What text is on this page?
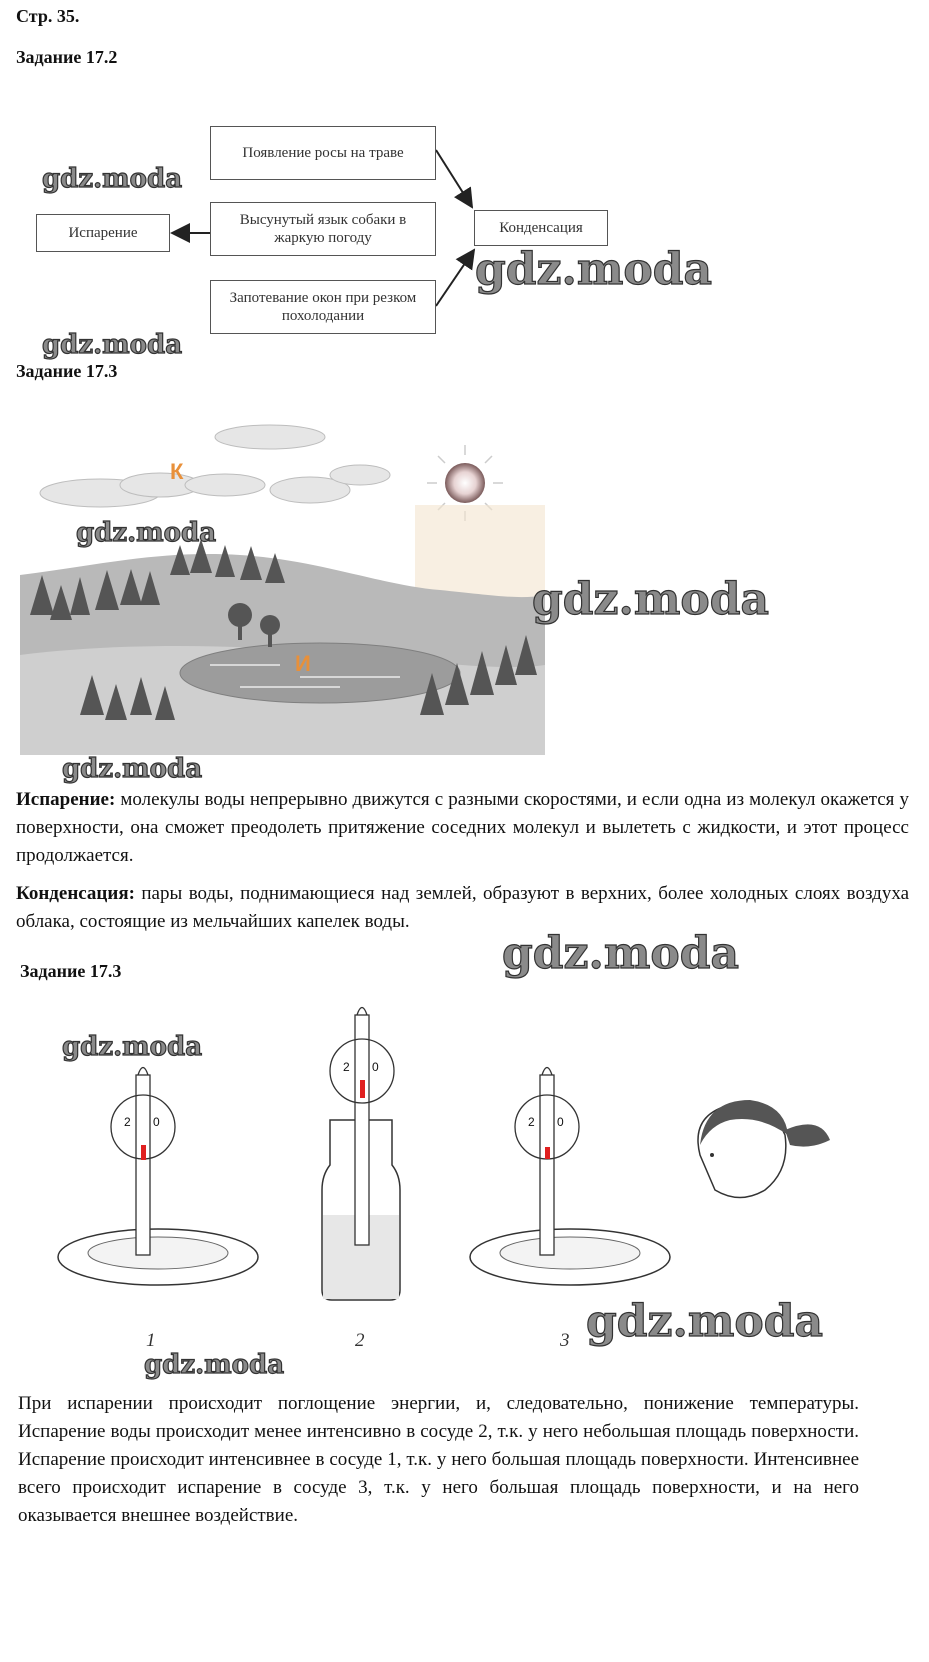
Стр. 35.
Задание 17.2
Испарение
Появление росы на траве
Высунутый язык собаки в жаркую погоду
Запотевание окон при резком похолодании
Конденсация
Задание 17.3
К
И
Испарение: молекулы воды непрерывно движутся с разными скоростями, и если одна из молекул окажется у поверхности, она сможет преодолеть притяжение соседних молекул и вылететь с жидкости, и этот процесс продолжается.
Конденсация: пары воды, поднимающиеся над землей, образуют в верхних, более холодных слоях воздуха облака, состоящие из мельчайших капелек воды.
Задание 17.3
2 0
2 0
2 0
1	2	3
При испарении происходит поглощение энергии, и, следовательно, понижение температуры. Испарение воды происходит менее интенсивно в сосуде 2, т.к. у него небольшая площадь поверхности. Испарение происходит интенсивнее в сосуде 1, т.к. у него большая площадь поверхности. Интенсивнее всего происходит испарение в сосуде 3, т.к. у него большая площадь поверхности, и на него оказывается внешнее воздействие.
gdz.moda
gdz.moda
gdz.moda
gdz.moda
gdz.moda
gdz.moda
gdz.moda
gdz.moda
gdz.moda
gdz.moda
